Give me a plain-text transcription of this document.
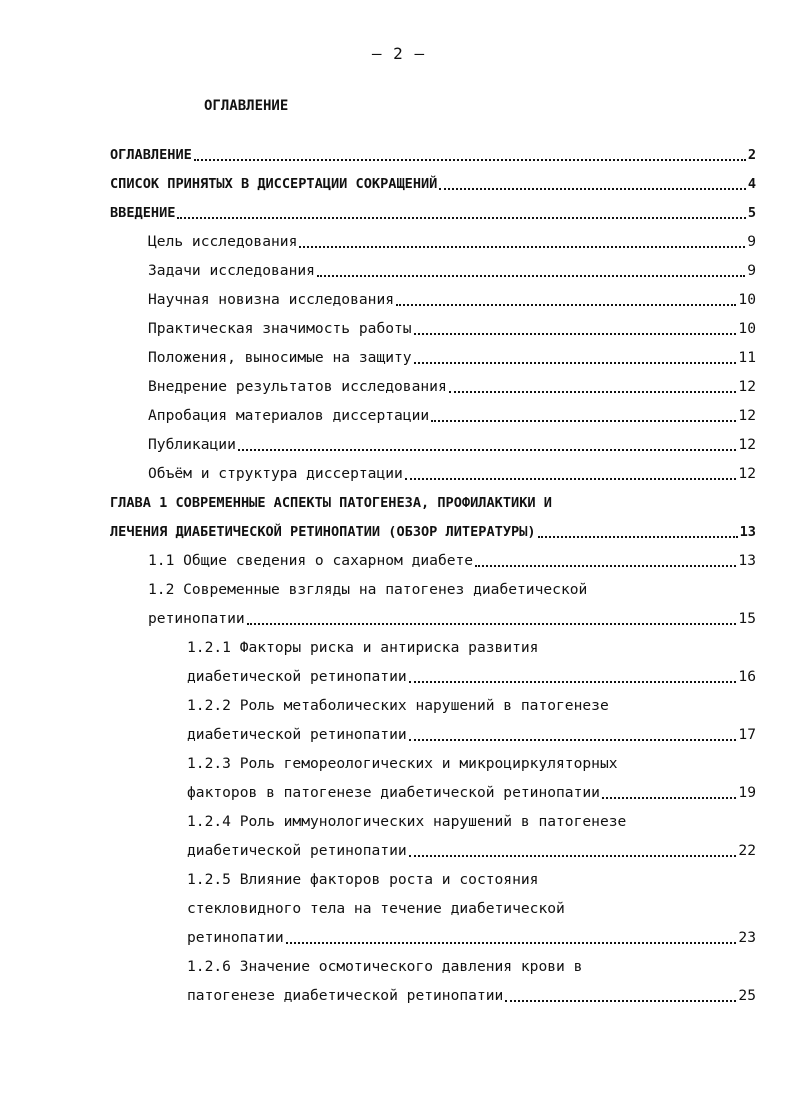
– 2 –
ОГЛАВЛЕНИЕ
ОГЛАВЛЕНИЕ	2
СПИСОК ПРИНЯТЫХ В ДИССЕРТАЦИИ СОКРАЩЕНИЙ	4
ВВЕДЕНИЕ	5
Цель исследования	9
Задачи исследования	9
Научная новизна исследования	10
Практическая значимость работы	10
Положения, выносимые на защиту	11
Внедрение результатов исследования	12
Апробация материалов диссертации	12
Публикации	12
Объём и структура диссертации	12
ГЛАВА 1 СОВРЕМЕННЫЕ АСПЕКТЫ ПАТОГЕНЕЗА, ПРОФИЛАКТИКИ И
ЛЕЧЕНИЯ ДИАБЕТИЧЕСКОЙ РЕТИНОПАТИИ (ОБЗОР ЛИТЕРАТУРЫ)	13
1.1 Общие сведения о сахарном диабете	13
1.2 Современные взгляды на патогенез диабетической
ретинопатии	15
1.2.1 Факторы риска и антириска развития
диабетической ретинопатии	16
1.2.2 Роль метаболических нарушений в патогенезе
диабетической ретинопатии	17
1.2.3 Роль гемореологических и микроциркуляторных
факторов в патогенезе диабетической ретинопатии	19
1.2.4 Роль иммунологических нарушений в патогенезе
диабетической ретинопатии	22
1.2.5 Влияние факторов роста и состояния
стекловидного тела на течение диабетической
ретинопатии	23
1.2.6 Значение осмотического давления крови в
патогенезе диабетической ретинопатии	25
